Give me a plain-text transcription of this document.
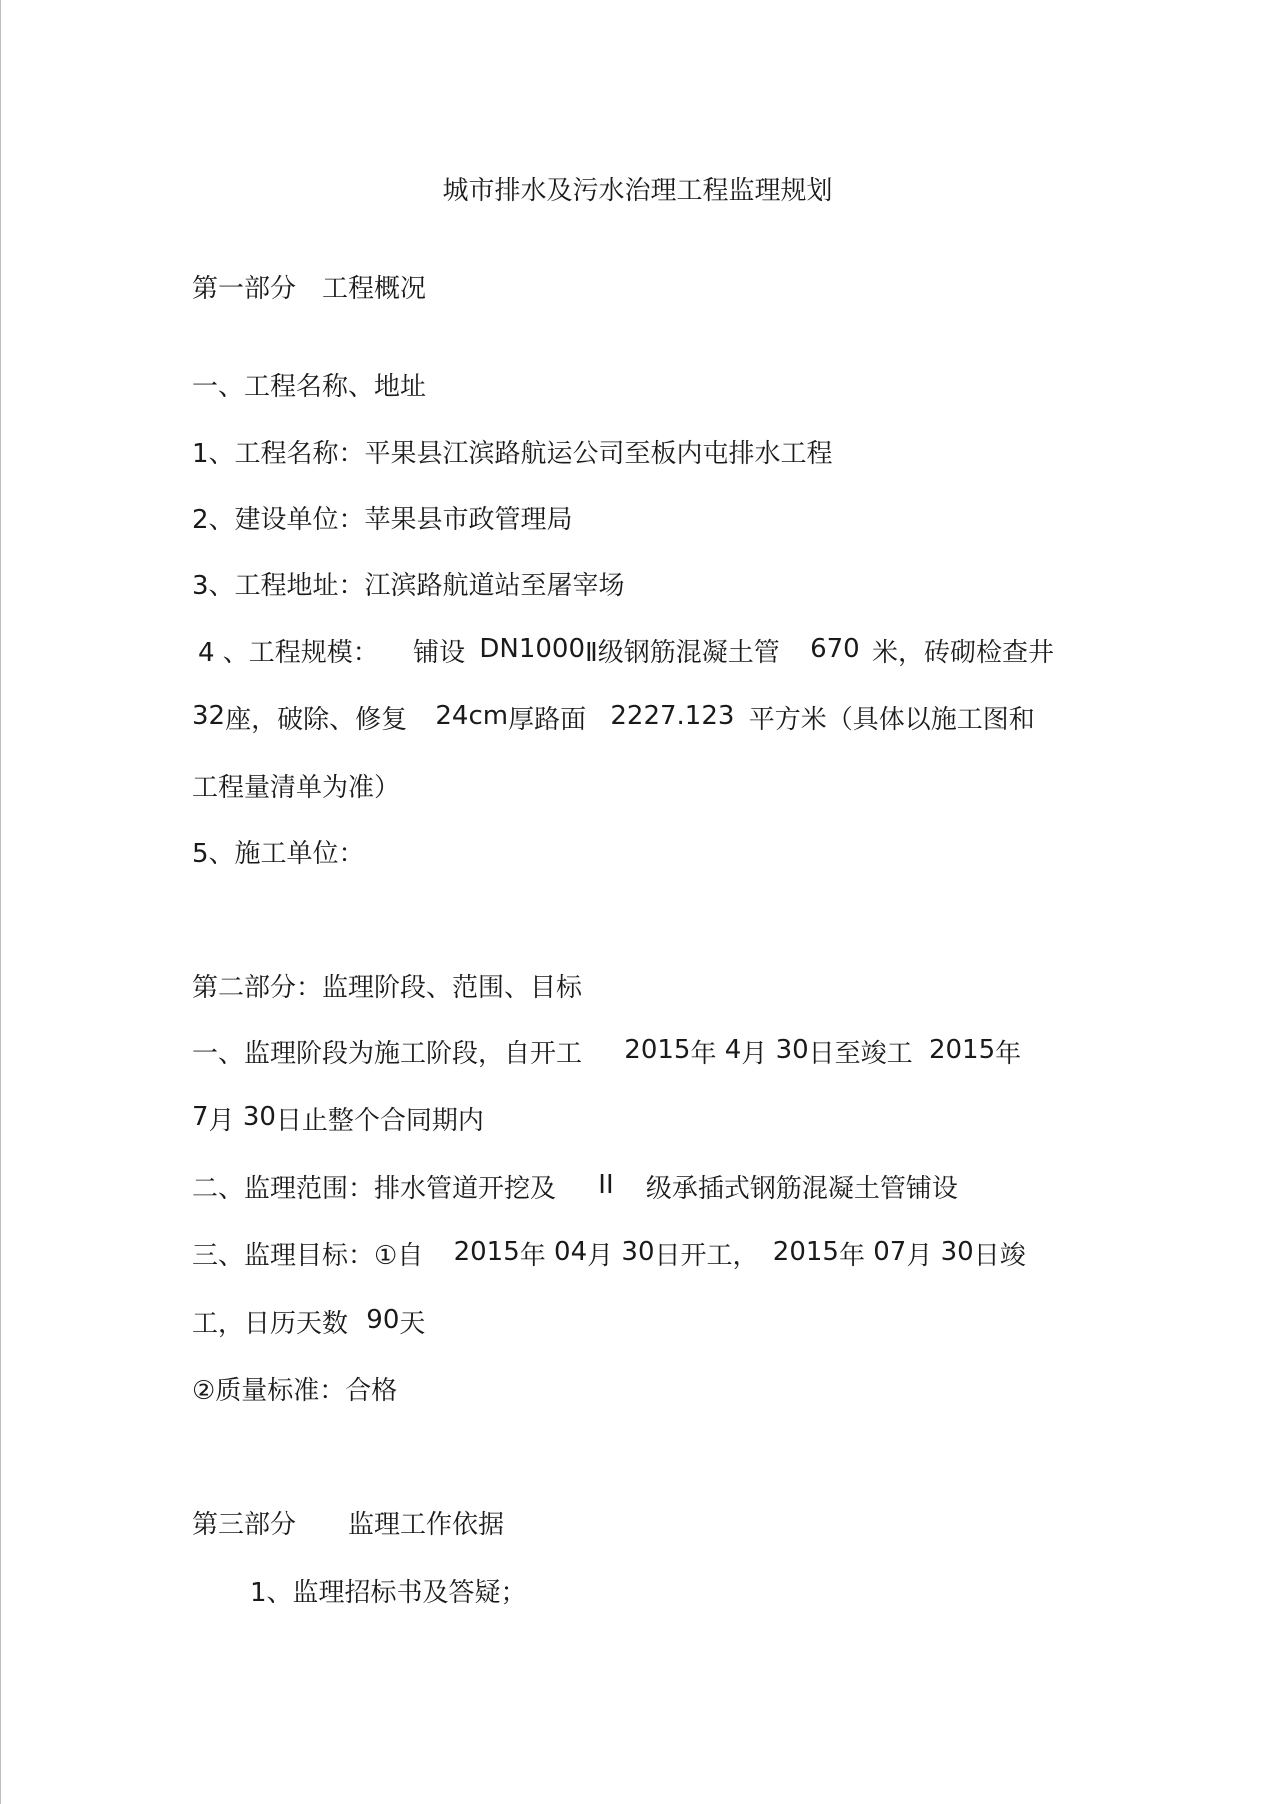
城市排水及污水治理工程监理规划
第一部分　工程概况
一、工程名称、地址
1、工程名称：平果县江滨路航运公司至板内屯排水工程
2、建设单位：苹果县市政管理局
3、工程地址：江滨路航道站至屠宰场
4 、工程规模： 铺设 DN1000Ⅱ级钢筋混凝土管 670 米，砖砌检查井
32座，破除、修复 24cm厚路面 2227.123 平方米（具体以施工图和
工程量清单为准）
5、施工单位：
第二部分：监理阶段、范围、目标
一、监理阶段为施工阶段，自开工 2015年 4月 30日至竣工 2015年
7月 30日止整个合同期内
二、监理范围：排水管道开挖及 II 级承插式钢筋混凝土管铺设
三、监理目标：①自 2015年 04月 30日开工， 2015年 07月 30日竣
工，日历天数 90天
②质量标准：合格
第三部分　　监理工作依据
1、监理招标书及答疑；
